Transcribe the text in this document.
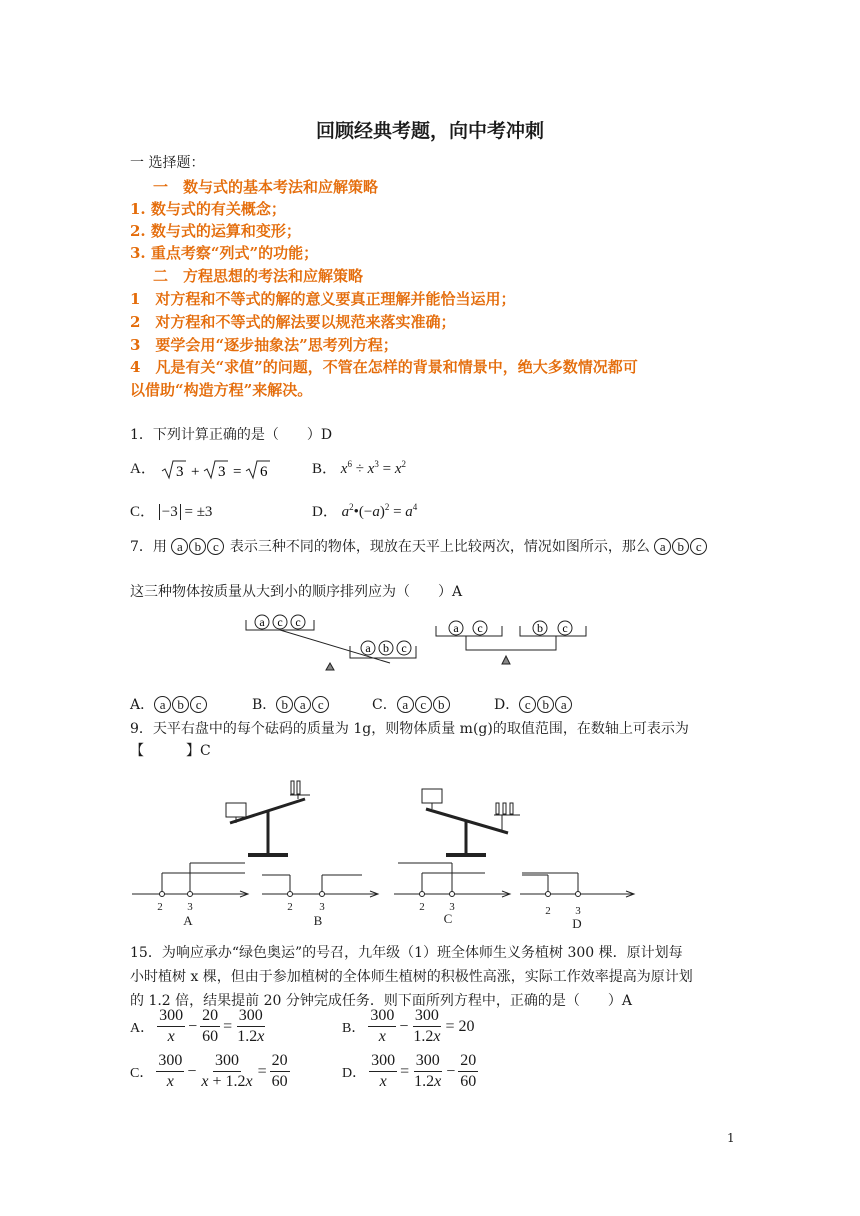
回顾经典考题，向中考冲刺
一 选择题：
一　数与式的基本考法和应解策略
1. 数与式的有关概念；
2. 数与式的运算和变形；
3. 重点考察“列式”的功能；
二　方程思想的考法和应解策略
1　对方程和不等式的解的意义要真正理解并能恰当运用；
2　对方程和不等式的解法要以规范来落实准确；
3　要学会用“逐步抽象法”思考列方程；
4　凡是有关“求值”的问题，不管在怎样的背景和情景中，绝大多数情况都可
以借助“构造方程”来解决。
1．下列计算正确的是（　　）D
A． 3 + 3 = 6	B． $x^6 \div x^3 = x^2$
C． −3 = ±3	D． $a^2•(-a)^2 = a^4$
7．用 a b c 表示三种不同的物体，现放在天平上比较两次，情况如图所示，那么 a b c
这三种物体按质量从大到小的顺序排列应为（　　）A
a c c
a b c
a c	b c
A． a b c	B． b a c	C． a c b	D． c b a
9．天平右盘中的每个砝码的质量为 1g，则物体质量 m(g)的取值范围，在数轴上可表示为
【　　　】C
2 3	2 3	2 3	2 3
A	B	C	D
15．为响应承办“绿色奥运”的号召，九年级（1）班全体师生义务植树 300 棵．原计划每
小时植树 x 棵，但由于参加植树的全体师生植树的积极性高涨，实际工作效率提高为原计划
的 1.2 倍，结果提前 20 分钟完成任务．则下面所列方程中，正确的是（　　）A
A． $\frac{300}{x} - \frac{20}{60} = \frac{300}{1.2x}$	B． $\frac{300}{x} - \frac{300}{1.2x} = 20$
C． $\frac{300}{x} - \frac{300}{x + 1.2x} = \frac{20}{60}$	D． $\frac{300}{x} = \frac{300}{1.2x} - \frac{20}{60}$
1
